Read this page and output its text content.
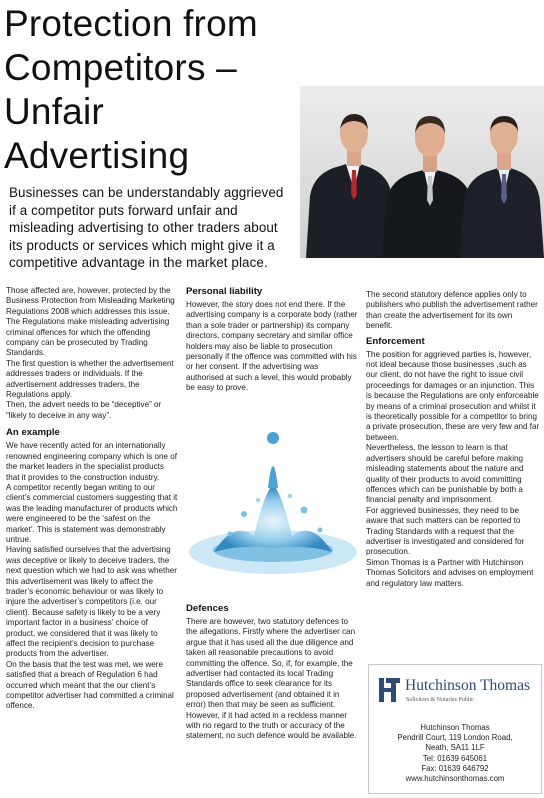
Protection from
Competitors – Unfair
Advertising
Businesses can be understandably aggrieved if a competitor puts forward unfair and misleading advertising to other traders about its products or services which might give it a competitive advantage in the market place.

Those affected are, however, protected by the Business Protection from Misleading Marketing Regulations 2008 which addresses this issue.

The Regulations make misleading advertising criminal offences for which the offending company can be prosecuted by Trading Standards.

The first question is whether the advertisement addresses traders or individuals. If the advertisement addresses traders, the Regulations apply.

Then, the advert needs to be “deceptive” or “likely to deceive in any way”.

An example

We have recently acted for an internationally renowned engineering company which is one of the market leaders in the specialist products that it provides to the construction industry.

A competitor recently began writing to our client’s commercial customers suggesting that it was the leading manufacturer of products which were engineered to be the ‘safest on the market’. This is statement was demonstrably untrue.

Having satisfied ourselves that the advertising was deceptive or likely to deceive traders, the next question which we had to ask was whether this advertisement was likely to affect the trader’s economic behaviour or was likely to injure the advertiser’s competitors (i.e. our client). Because safety is likely to be a very important factor in a business’ choice of product, we considered that it was likely to affect the recipient’s decision to purchase products from the advertiser.

On the basis that the test was met, we were satisfied that a breach of Regulation 6 had occurred which meant that the our client’s competitor advertiser had committed a criminal offence.

Personal liability

However, the story does not end there. If the advertising company is a corporate body (rather than a sole trader or partnership) its company directors, company secretary and similar office holders may also be liable to prosecution personally if the offence was committed with his or her consent. If the advertising was authorised at such a level, this would probably be easy to prove.

Defences

There are however, two statutory defences to the allegations. Firstly where the advertiser can argue that it has used all the due diligence and taken all reasonable precautions to avoid committing the offence. So, if, for example, the advertiser had contacted its local Trading Standards office to seek clearance for its proposed advertisement (and obtained it in error) then that may be seen as sufficient. However, if it had acted in a reckless manner with no regard to the truth or accuracy of the statement, no such defence would be available.

The second statutory defence applies only to publishers who publish the advertisement rather than create the advertisement for its own benefit.

Enforcement

The position for aggrieved parties is, however, not ideal because those businesses ,such as our client, do not have the right to issue civil proceedings for damages or an injunction. This is because the Regulations are only enforceable by means of a criminal prosecution and whilst it is theoretically possible for a competitor to bring a private prosecution, these are very few and far between.

Nevertheless, the lesson to learn is that advertisers should be careful before making misleading statements about the nature and quality of their products to avoid committing offences which can be punishable by both a financial penalty and imprisonment.

For aggrieved businesses, they need to be aware that such matters can be reported to Trading Standards with a request that the advertiser is investigated and considered for prosecution.

Simon Thomas is a Partner with Hutchinson Thomas Solicitors and advises on employment and regulatory law matters.

Hutchinson Thomas
Solicitors & Notaries Public
Hutchinson Thomas
Pendrill Court, 119 London Road,
Neath, SA11 1LF
Tel: 01639 645061
Fax: 01639 646792
www.hutchinsonthomas.com
